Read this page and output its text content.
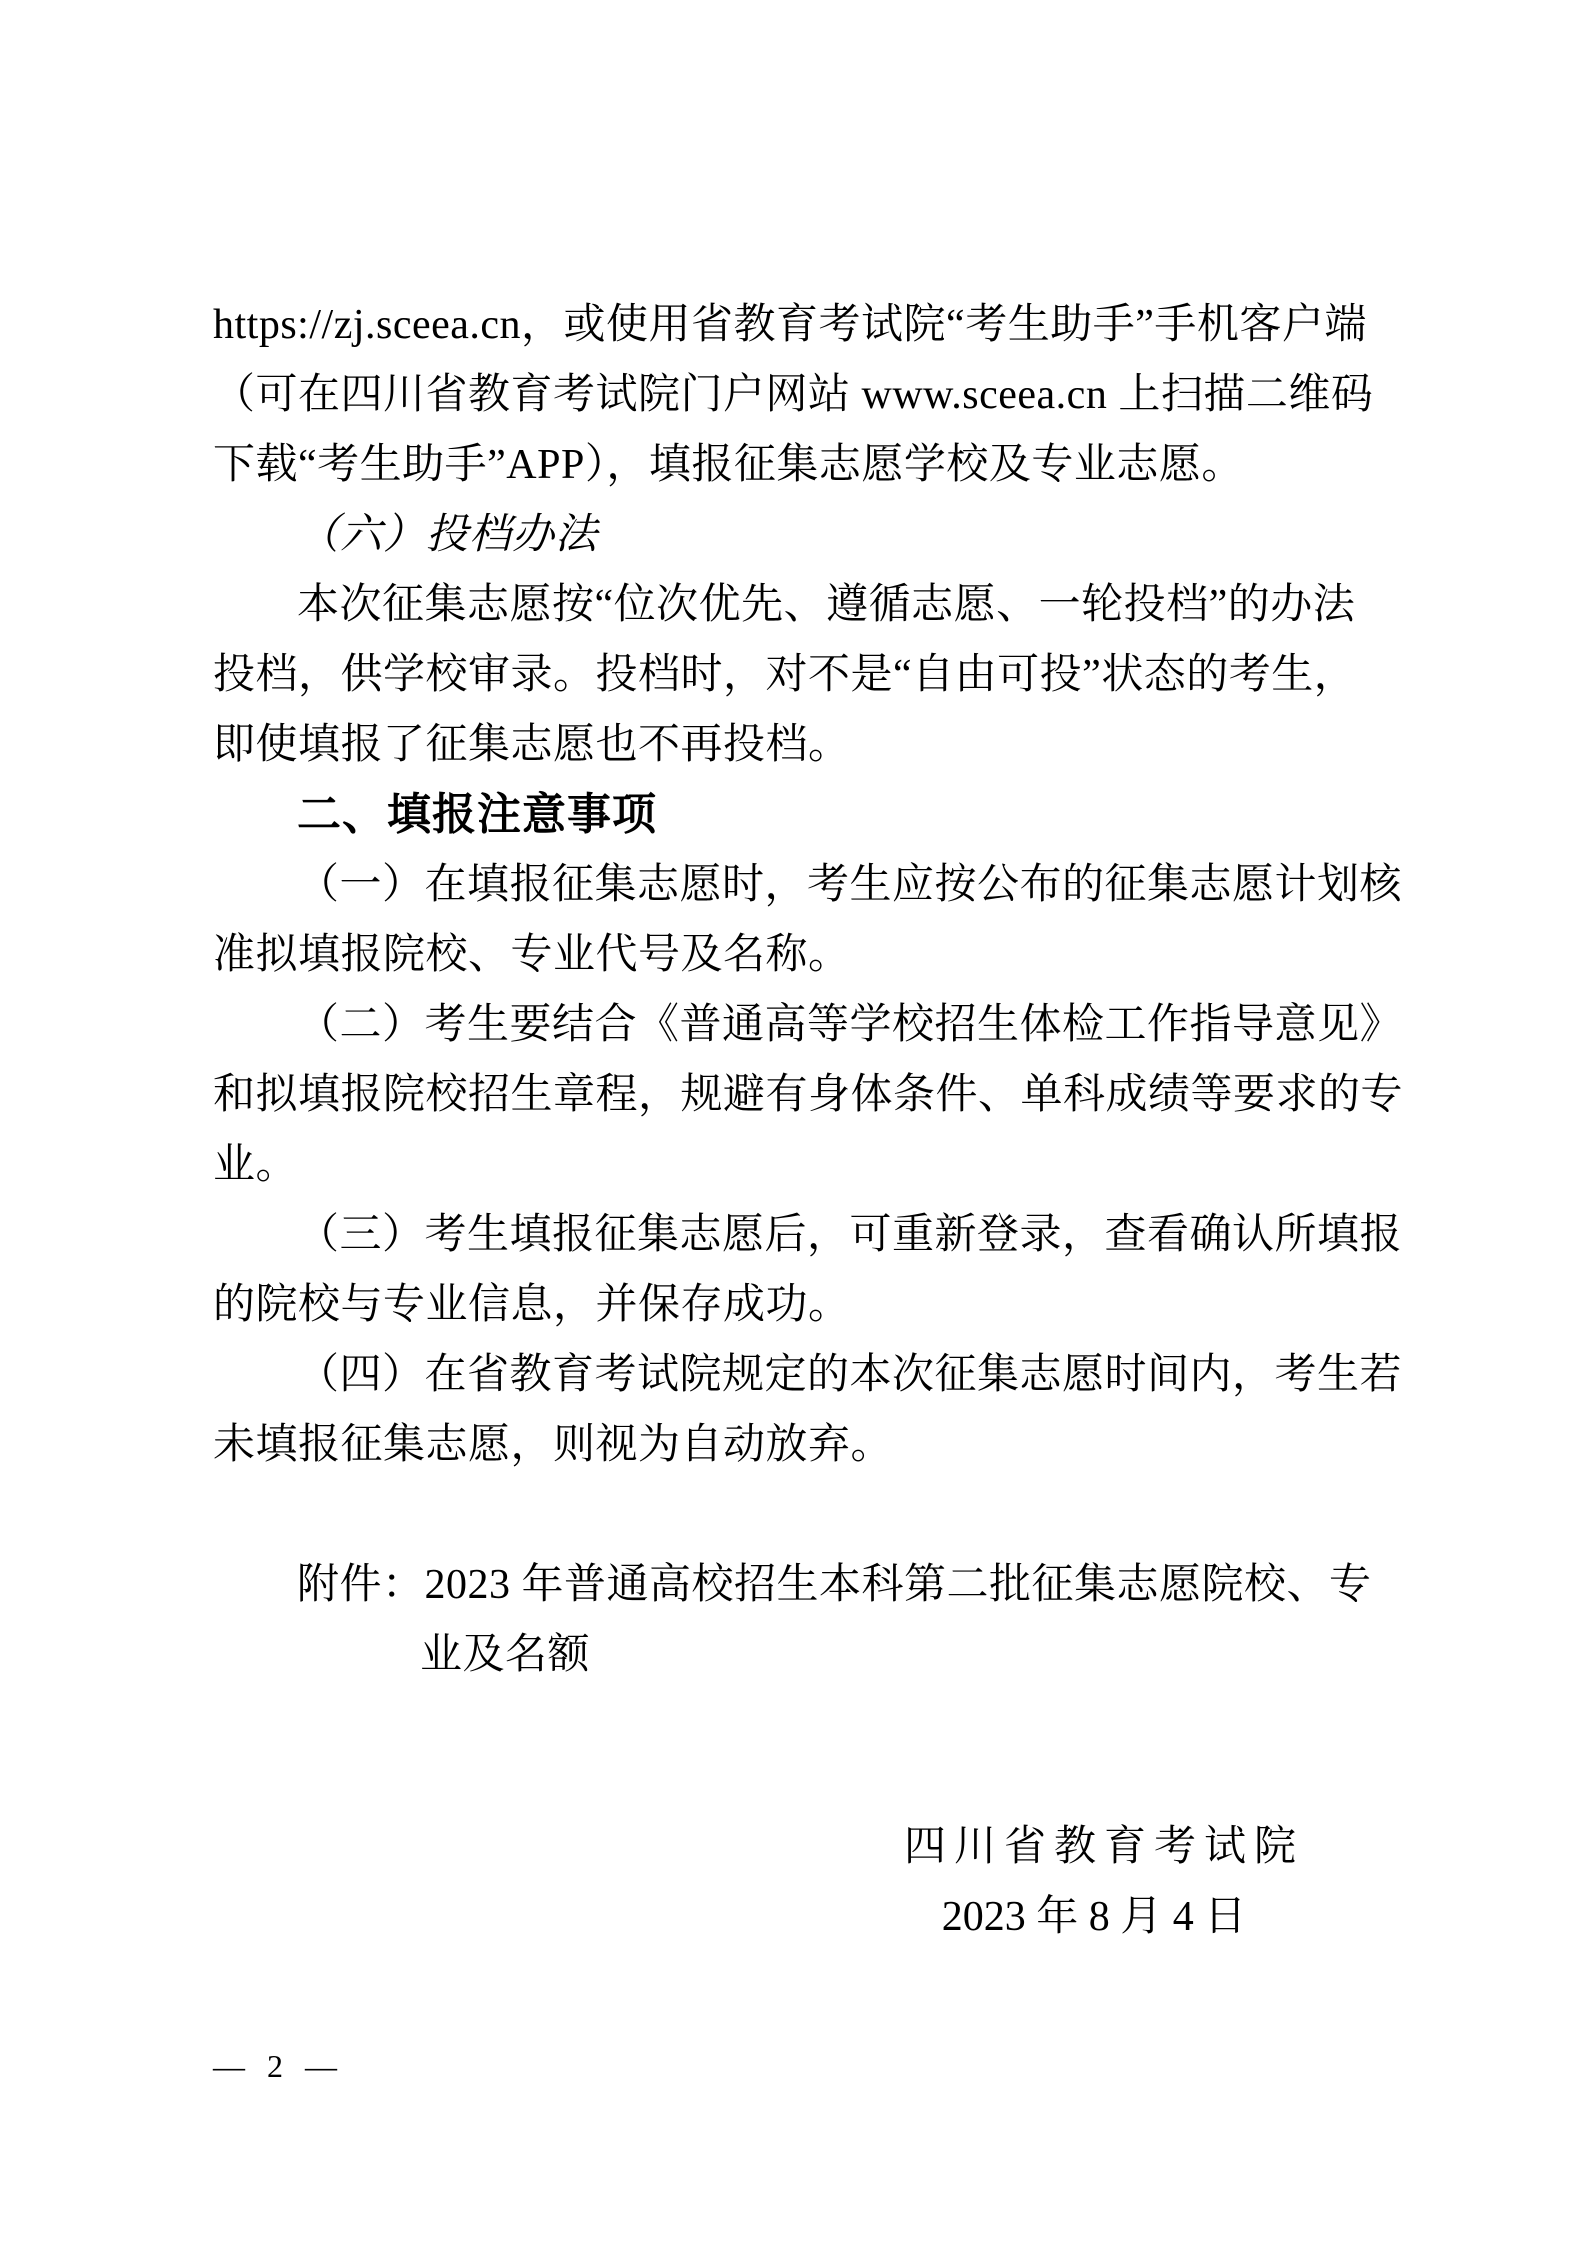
https://zj.sceea.cn，或使用省教育考试院“考生助手”手机客户端
（可在四川省教育考试院门户网站 www.sceea.cn 上扫描二维码
下载“考生助手”APP），填报征集志愿学校及专业志愿。
（六）投档办法
本次征集志愿按“位次优先、遵循志愿、一轮投档”的办法
投档，供学校审录。投档时，对不是“自由可投”状态的考生，
即使填报了征集志愿也不再投档。
二、填报注意事项
（一）在填报征集志愿时，考生应按公布的征集志愿计划核
准拟填报院校、专业代号及名称。
（二）考生要结合《普通高等学校招生体检工作指导意见》
和拟填报院校招生章程，规避有身体条件、单科成绩等要求的专
业。
（三）考生填报征集志愿后，可重新登录，查看确认所填报
的院校与专业信息，并保存成功。
（四）在省教育考试院规定的本次征集志愿时间内，考生若
未填报征集志愿，则视为自动放弃。
附件：2023 年普通高校招生本科第二批征集志愿院校、专
业及名额
四川省教育考试院
2023 年 8 月 4 日
— 2 —
